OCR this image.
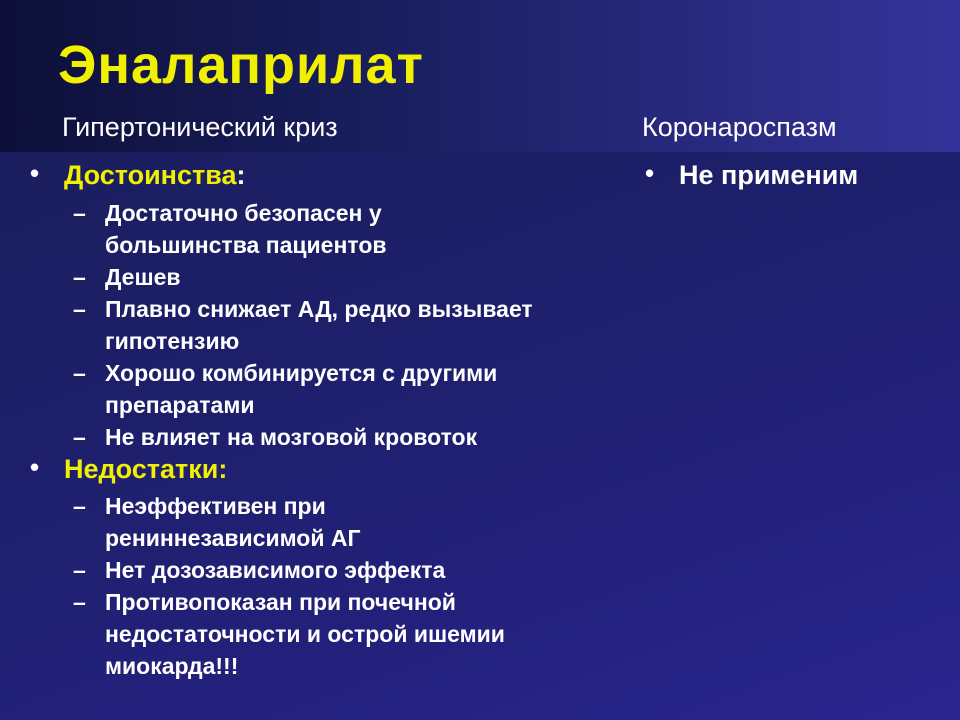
Эналаприлат
Гипертонический криз	Коронароспазм
• Достоинства:
– Достаточно безопасен у
большинства пациентов
– Дешев
– Плавно снижает АД, редко вызывает
гипотензию
– Хорошо комбинируется с другими
препаратами
– Не влияет на мозговой кровоток
• Недостатки:
– Неэффективен при
рениннезависимой АГ
– Нет дозозависимого эффекта
– Противопоказан при почечной
недостаточности и острой ишемии
миокарда!!!
• Не применим
